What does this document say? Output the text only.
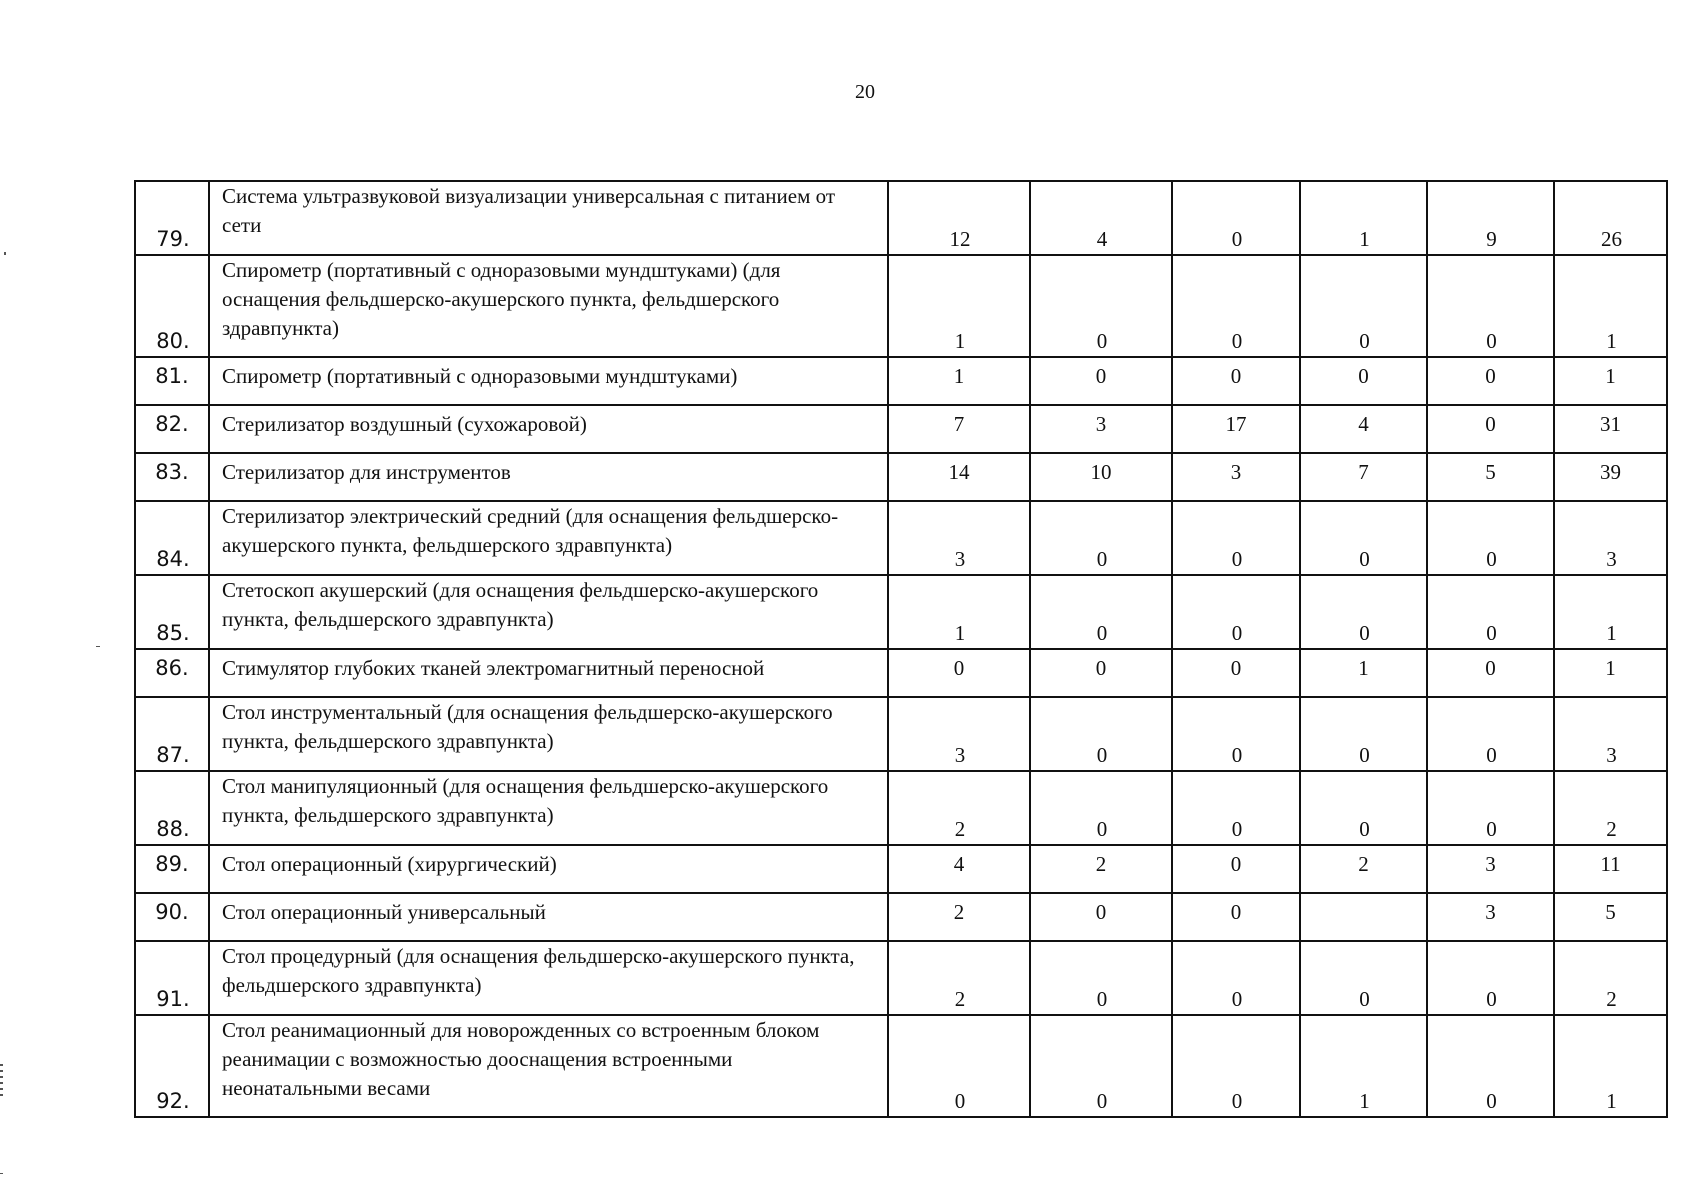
20
79.	Система ультразвуковой визуализации универсальная с питанием от сети	12	4	0	1	9	26
80.	Спирометр (портативный с одноразовыми мундштуками) (для оснащения фельдшерско-акушерского пункта, фельдшерского здравпункта)	1	0	0	0	0	1
81.	Спирометр (портативный с одноразовыми мундштуками)	1	0	0	0	0	1
82.	Стерилизатор воздушный (сухожаровой)	7	3	17	4	0	31
83.	Стерилизатор для инструментов	14	10	3	7	5	39
84.	Стерилизатор электрический средний (для оснащения фельдшерско-акушерского пункта, фельдшерского здравпункта)	3	0	0	0	0	3
85.	Стетоскоп акушерский (для оснащения фельдшерско-акушерского пункта, фельдшерского здравпункта)	1	0	0	0	0	1
86.	Стимулятор глубоких тканей электромагнитный переносной	0	0	0	1	0	1
87.	Стол инструментальный (для оснащения фельдшерско-акушерского пункта, фельдшерского здравпункта)	3	0	0	0	0	3
88.	Стол манипуляционный (для оснащения фельдшерско-акушерского пункта, фельдшерского здравпункта)	2	0	0	0	0	2
89.	Стол операционный (хирургический)	4	2	0	2	3	11
90.	Стол операционный универсальный	2	0	0		3	5
91.	Стол процедурный (для оснащения фельдшерско-акушерского пункта, фельдшерского здравпункта)	2	0	0	0	0	2
92.	Стол реанимационный для новорожденных со встроенным блоком реанимации с возможностью дооснащения встроенными неонатальными весами	0	0	0	1	0	1
